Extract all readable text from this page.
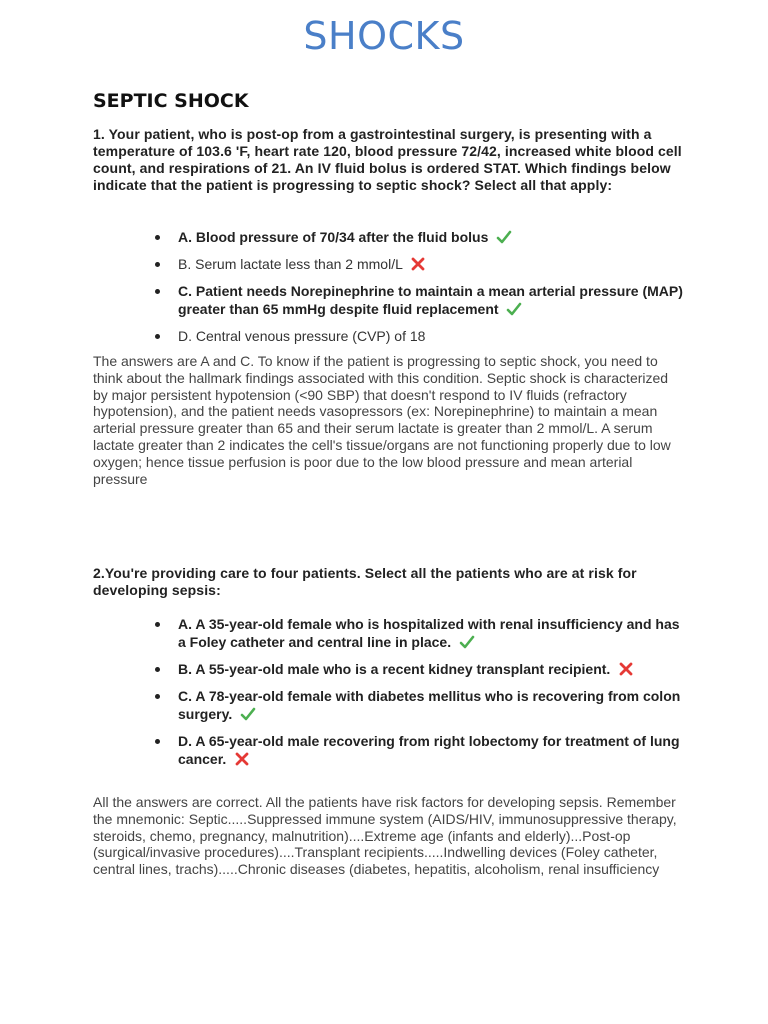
SHOCKS
SEPTIC SHOCK
1. Your patient, who is post-op from a gastrointestinal surgery, is presenting with a temperature of 103.6 'F, heart rate 120, blood pressure 72/42, increased white blood cell count, and respirations of 21. An IV fluid bolus is ordered STAT. Which findings below indicate that the patient is progressing to septic shock? Select all that apply:
A. Blood pressure of 70/34 after the fluid bolus
B. Serum lactate less than 2 mmol/L
C. Patient needs Norepinephrine to maintain a mean arterial pressure (MAP) greater than 65 mmHg despite fluid replacement
D. Central venous pressure (CVP) of 18
The answers are A and C. To know if the patient is progressing to septic shock, you need to think about the hallmark findings associated with this condition. Septic shock is characterized by major persistent hypotension (<90 SBP) that doesn't respond to IV fluids (refractory hypotension), and the patient needs vasopressors (ex: Norepinephrine) to maintain a mean arterial pressure greater than 65 and their serum lactate is greater than 2 mmol/L. A serum lactate greater than 2 indicates the cell's tissue/organs are not functioning properly due to low oxygen; hence tissue perfusion is poor due to the low blood pressure and mean arterial pressure
2.You're providing care to four patients. Select all the patients who are at risk for developing sepsis:
A. A 35-year-old female who is hospitalized with renal insufficiency and has a Foley catheter and central line in place.
B. A 55-year-old male who is a recent kidney transplant recipient.
C. A 78-year-old female with diabetes mellitus who is recovering from colon surgery.
D. A 65-year-old male recovering from right lobectomy for treatment of lung cancer.
All the answers are correct. All the patients have risk factors for developing sepsis. Remember the mnemonic: Septic.....Suppressed immune system (AIDS/HIV, immunosuppressive therapy, steroids, chemo, pregnancy, malnutrition)....Extreme age (infants and elderly)...Post-op (surgical/invasive procedures)....Transplant recipients.....Indwelling devices (Foley catheter, central lines, trachs).....Chronic diseases (diabetes, hepatitis, alcoholism, renal insufficiency
